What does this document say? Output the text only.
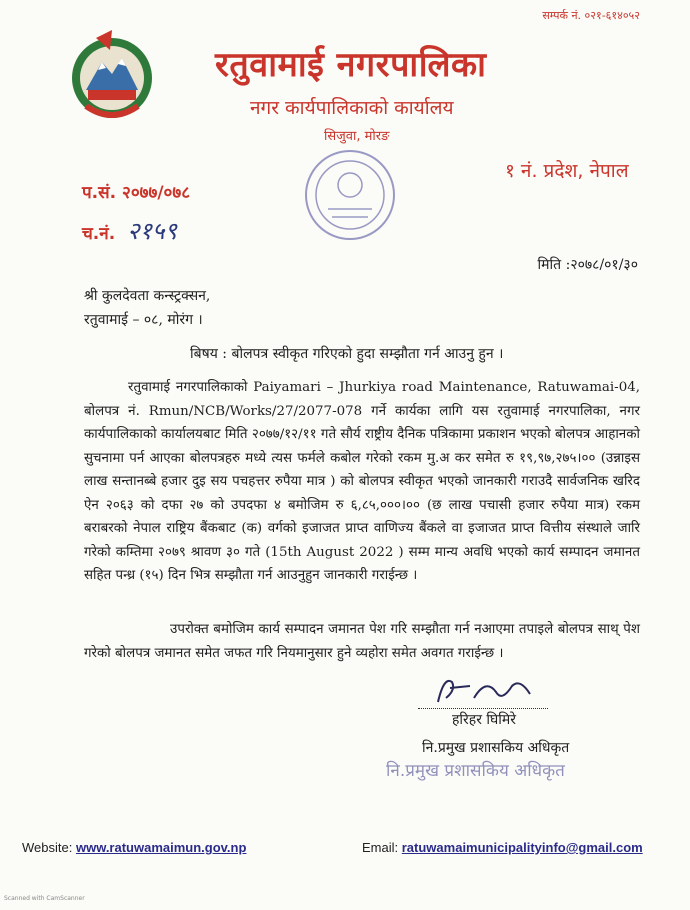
सम्पर्क नं. ०२१-६१४०५२
रतुवामाई नगरपालिका
नगर कार्यपालिकाको कार्यालय
सिजुवा, मोरङ
१ नं. प्रदेश, नेपाल
प.सं. २०७७/०७८
च.नं. २१५९
मिति :२०७८/०१/३०
श्री कुलदेवता कन्स्ट्रक्सन,
रतुवामाई – ०८, मोरंग ।
बिषय : बोलपत्र स्वीकृत गरिएको हुदा सम्झौता गर्न आउनु हुन ।
रतुवामाई नगरपालिकाको Paiyamari – Jhurkiya road Maintenance, Ratuwamai-04, बोलपत्र नं. Rmun/NCB/Works/27/2077-078 गर्ने कार्यका लागि यस रतुवामाई नगरपालिका, नगर कार्यपालिकाको कार्यालयबाट मिति २०७७/१२/११ गते सौर्य राष्ट्रीय दैनिक पत्रिकामा प्रकाशन भएको बोलपत्र आहानको सुचनामा पर्न आएका बोलपत्रहरु मध्ये त्यस फर्मले कबोल गरेको रकम मु.अ कर समेत रु १९,९७,२७५।०० (उन्नाइस लाख सन्तानब्बे हजार दुइ सय पचहत्तर रुपैया मात्र ) को बोलपत्र स्वीकृत भएको जानकारी गराउदै सार्वजनिक खरिद ऐन २०६३ को दफा २७ को उपदफा ४ बमोजिम रु ६,८५,०००।०० (छ लाख पचासी हजार रुपैया मात्र) रकम बराबरको नेपाल राष्ट्रिय बैंकबाट (क) वर्गको इजाजत प्राप्त वाणिज्य बैंकले वा इजाजत प्राप्त वित्तीय संस्थाले जारि गरेको कम्तिमा २०७९ श्रावण ३० गते (15th August 2022 ) सम्म मान्य अवधि भएको कार्य सम्पादन जमानत सहित पन्ध्र (१५) दिन भित्र सम्झौता गर्न आउनुहुन जानकारी गराईन्छ ।
उपरोक्त बमोजिम कार्य सम्पादन जमानत पेश गरि सम्झौता गर्न नआएमा तपाइले बोलपत्र साथ् पेश गरेको बोलपत्र जमानत समेत जफत गरि नियमानुसार हुने व्यहोरा समेत अवगत गराईन्छ ।
हरिहर घिमिरे
नि.प्रमुख प्रशासकिय अधिकृत
नि.प्रमुख प्रशासकिय अधिकृत
Website: www.ratuwamaimun.gov.np	Email: ratuwamaimunicipalityinfo@gmail.com
Scanned with CamScanner
